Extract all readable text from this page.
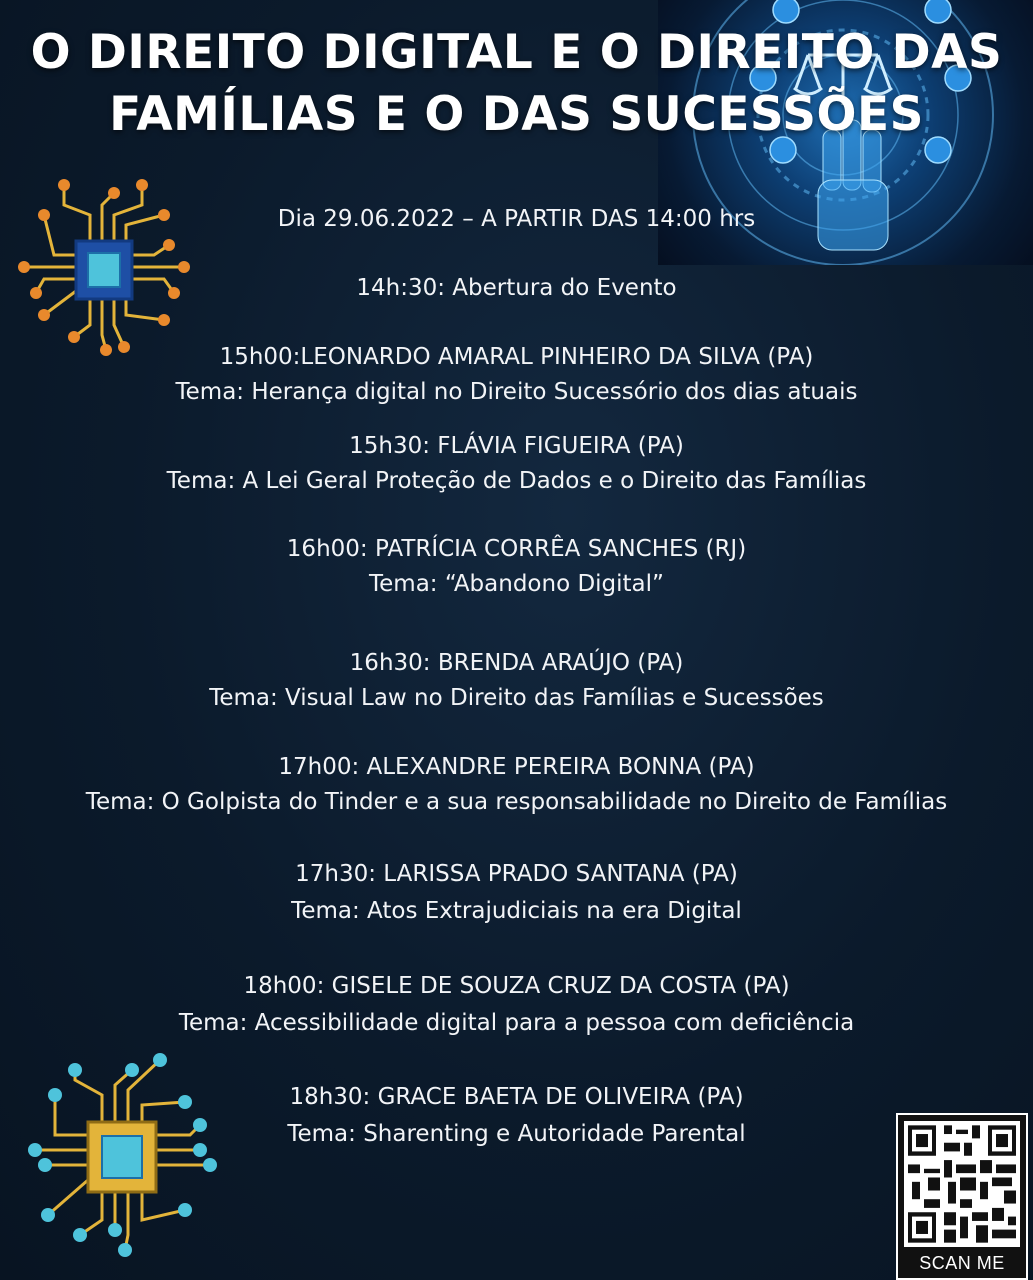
O DIREITO DIGITAL E O DIREITO DAS
FAMÍLIAS E O DAS SUCESSÕES
Dia 29.06.2022 – A PARTIR DAS 14:00 hrs
14h:30: Abertura do Evento
15h00:LEONARDO AMARAL PINHEIRO DA SILVA (PA)
Tema: Herança digital no Direito Sucessório dos dias atuais
15h30: FLÁVIA FIGUEIRA (PA)
Tema: A Lei Geral Proteção de Dados e o Direito das Famílias
16h00: PATRÍCIA CORRÊA SANCHES (RJ)
Tema: “Abandono Digital”
16h30: BRENDA ARAÚJO (PA)
Tema: Visual Law no Direito das Famílias e Sucessões
17h00: ALEXANDRE PEREIRA BONNA (PA)
Tema: O Golpista do Tinder e a sua responsabilidade no Direito de Famílias
17h30: LARISSA PRADO SANTANA (PA)
Tema: Atos Extrajudiciais na era Digital
18h00: GISELE DE SOUZA CRUZ DA COSTA (PA)
Tema: Acessibilidade digital para a pessoa com deficiência
18h30: GRACE BAETA DE OLIVEIRA (PA)
Tema: Sharenting e Autoridade Parental
SCAN ME
